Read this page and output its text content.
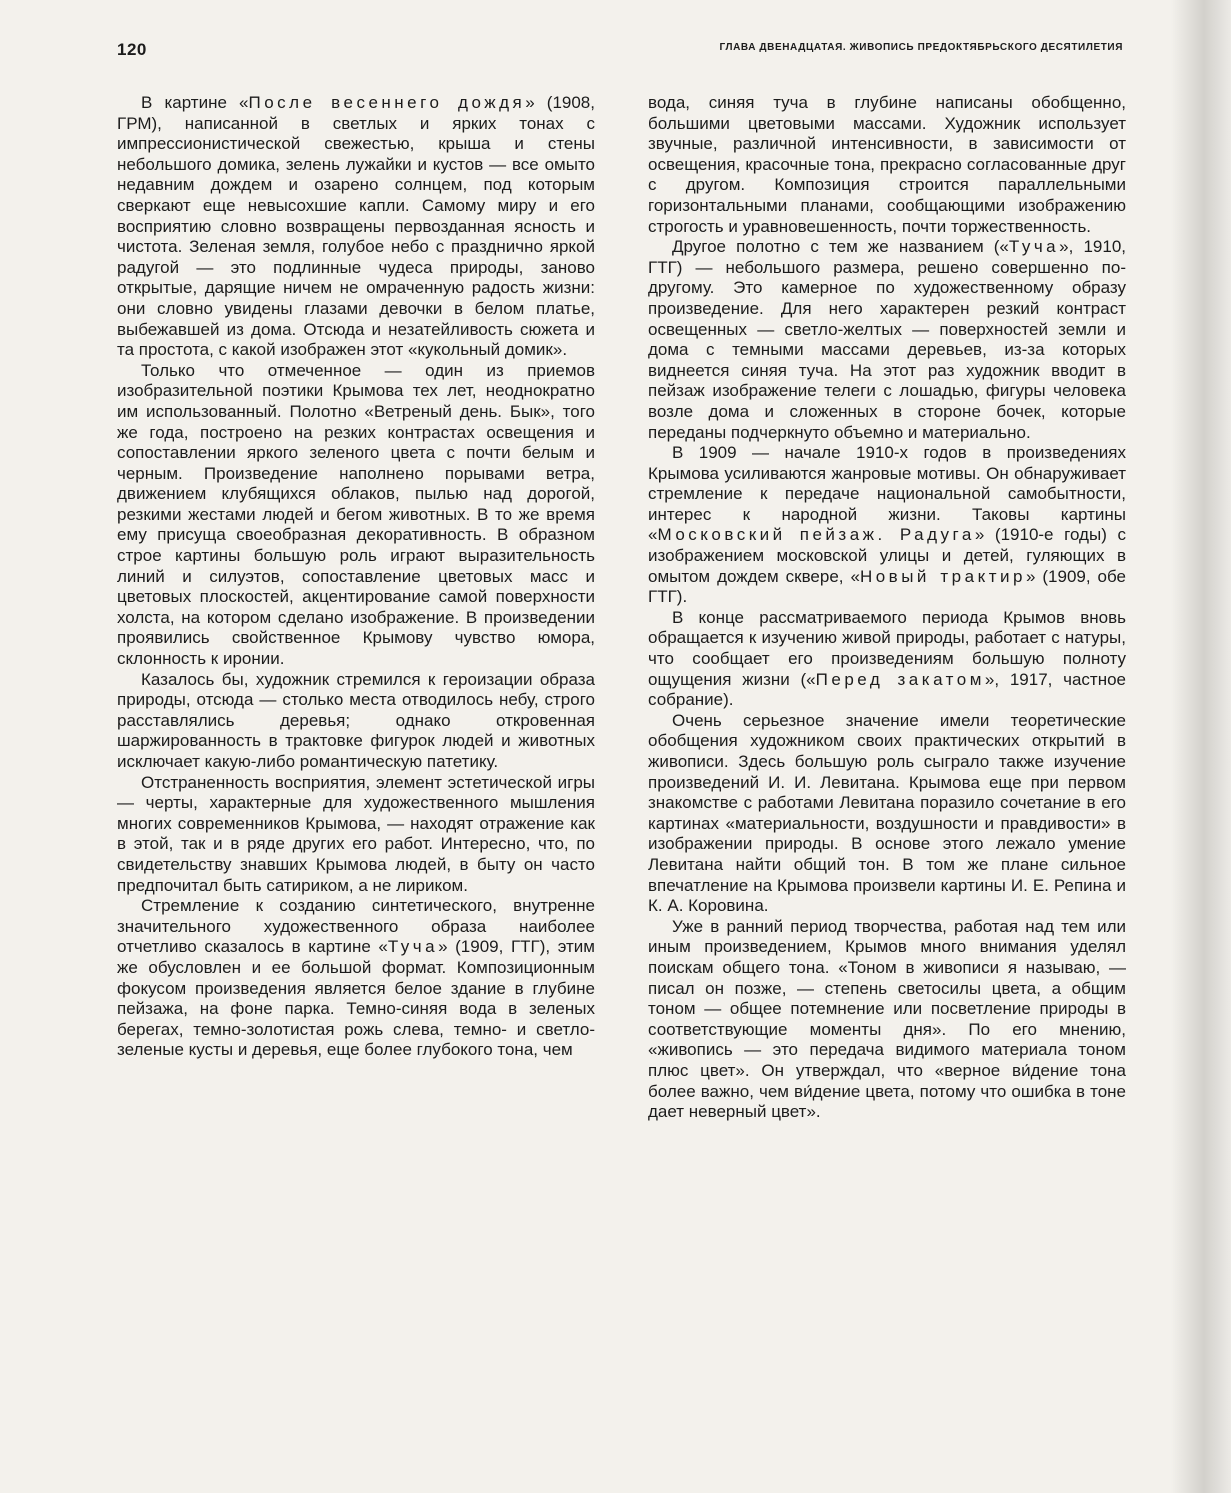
120	ГЛАВА ДВЕНАДЦАТАЯ. ЖИВОПИСЬ ПРЕДОКТЯБРЬСКОГО ДЕСЯТИЛЕТИЯ

В картине «После весеннего дождя» (1908, ГРМ), написанной в светлых и ярких тонах с импрессионистической свежестью, крыша и стены небольшого домика, зелень лужайки и кустов — все омыто недавним дождем и озарено солнцем, под которым сверкают еще невысохшие капли. Самому миру и его восприятию словно возвращены первозданная ясность и чистота. Зеленая земля, голубое небо с празднично яркой радугой — это подлинные чудеса природы, заново открытые, дарящие ничем не омраченную радость жизни: они словно увидены глазами девочки в белом платье, выбежавшей из дома. Отсюда и незатейливость сюжета и та простота, с какой изображен этот «кукольный домик».

Только что отмеченное — один из приемов изобразительной поэтики Крымова тех лет, неоднократно им использованный. Полотно «Ветреный день. Бык», того же года, построено на резких контрастах освещения и сопоставлении яркого зеленого цвета с почти белым и черным. Произведение наполнено порывами ветра, движением клубящихся облаков, пылью над дорогой, резкими жестами людей и бегом животных. В то же время ему присуща своеобразная декоративность. В образном строе картины большую роль играют выразительность линий и силуэтов, сопоставление цветовых масс и цветовых плоскостей, акцентирование самой поверхности холста, на котором сделано изображение. В произведении проявились свойственное Крымову чувство юмора, склонность к иронии.

Казалось бы, художник стремился к героизации образа природы, отсюда — столько места отводилось небу, строго расставлялись деревья; однако откровенная шаржированность в трактовке фигурок людей и животных исключает какую-либо романтическую патетику.

Отстраненность восприятия, элемент эстетической игры — черты, характерные для художественного мышления многих современников Крымова, — находят отражение как в этой, так и в ряде других его работ. Интересно, что, по свидетельству знавших Крымова людей, в быту он часто предпочитал быть сатириком, а не лириком.

Стремление к созданию синтетического, внутренне значительного художественного образа наиболее отчетливо сказалось в картине «Туча» (1909, ГТГ), этим же обусловлен и ее большой формат. Композиционным фокусом произведения является белое здание в глубине пейзажа, на фоне парка. Темно-синяя вода в зеленых берегах, темно-золотистая рожь слева, темно- и светло-зеленые кусты и деревья, еще более глубокого тона, чем

вода, синяя туча в глубине написаны обобщенно, большими цветовыми массами. Художник использует звучные, различной интенсивности, в зависимости от освещения, красочные тона, прекрасно согласованные друг с другом. Композиция строится параллельными горизонтальными планами, сообщающими изображению строгость и уравновешенность, почти торжественность.

Другое полотно с тем же названием («Туча», 1910, ГТГ) — небольшого размера, решено совершенно по-другому. Это камерное по художественному образу произведение. Для него характерен резкий контраст освещенных — светло-желтых — поверхностей земли и дома с темными массами деревьев, из-за которых виднеется синяя туча. На этот раз художник вводит в пейзаж изображение телеги с лошадью, фигуры человека возле дома и сложенных в стороне бочек, которые переданы подчеркнуто объемно и материально.

В 1909 — начале 1910-х годов в произведениях Крымова усиливаются жанровые мотивы. Он обнаруживает стремление к передаче национальной самобытности, интерес к народной жизни. Таковы картины «Московский пейзаж. Радуга» (1910-е годы) с изображением московской улицы и детей, гуляющих в омытом дождем сквере, «Новый трактир» (1909, обе ГТГ).

В конце рассматриваемого периода Крымов вновь обращается к изучению живой природы, работает с натуры, что сообщает его произведениям большую полноту ощущения жизни («Перед закатом», 1917, частное собрание).

Очень серьезное значение имели теоретические обобщения художником своих практических открытий в живописи. Здесь большую роль сыграло также изучение произведений И. И. Левитана. Крымова еще при первом знакомстве с работами Левитана поразило сочетание в его картинах «материальности, воздушности и правдивости» в изображении природы. В основе этого лежало умение Левитана найти общий тон. В том же плане сильное впечатление на Крымова произвели картины И. Е. Репина и К. А. Коровина.

Уже в ранний период творчества, работая над тем или иным произведением, Крымов много внимания уделял поискам общего тона. «Тоном в живописи я называю, — писал он позже, — степень светосилы цвета, а общим тоном — общее потемнение или посветление природы в соответствующие моменты дня». По его мнению, «живопись — это передача видимого материала тоном плюс цвет». Он утверждал, что «верное ви́дение тона более важно, чем ви́дение цвета, потому что ошибка в тоне дает неверный цвет».
